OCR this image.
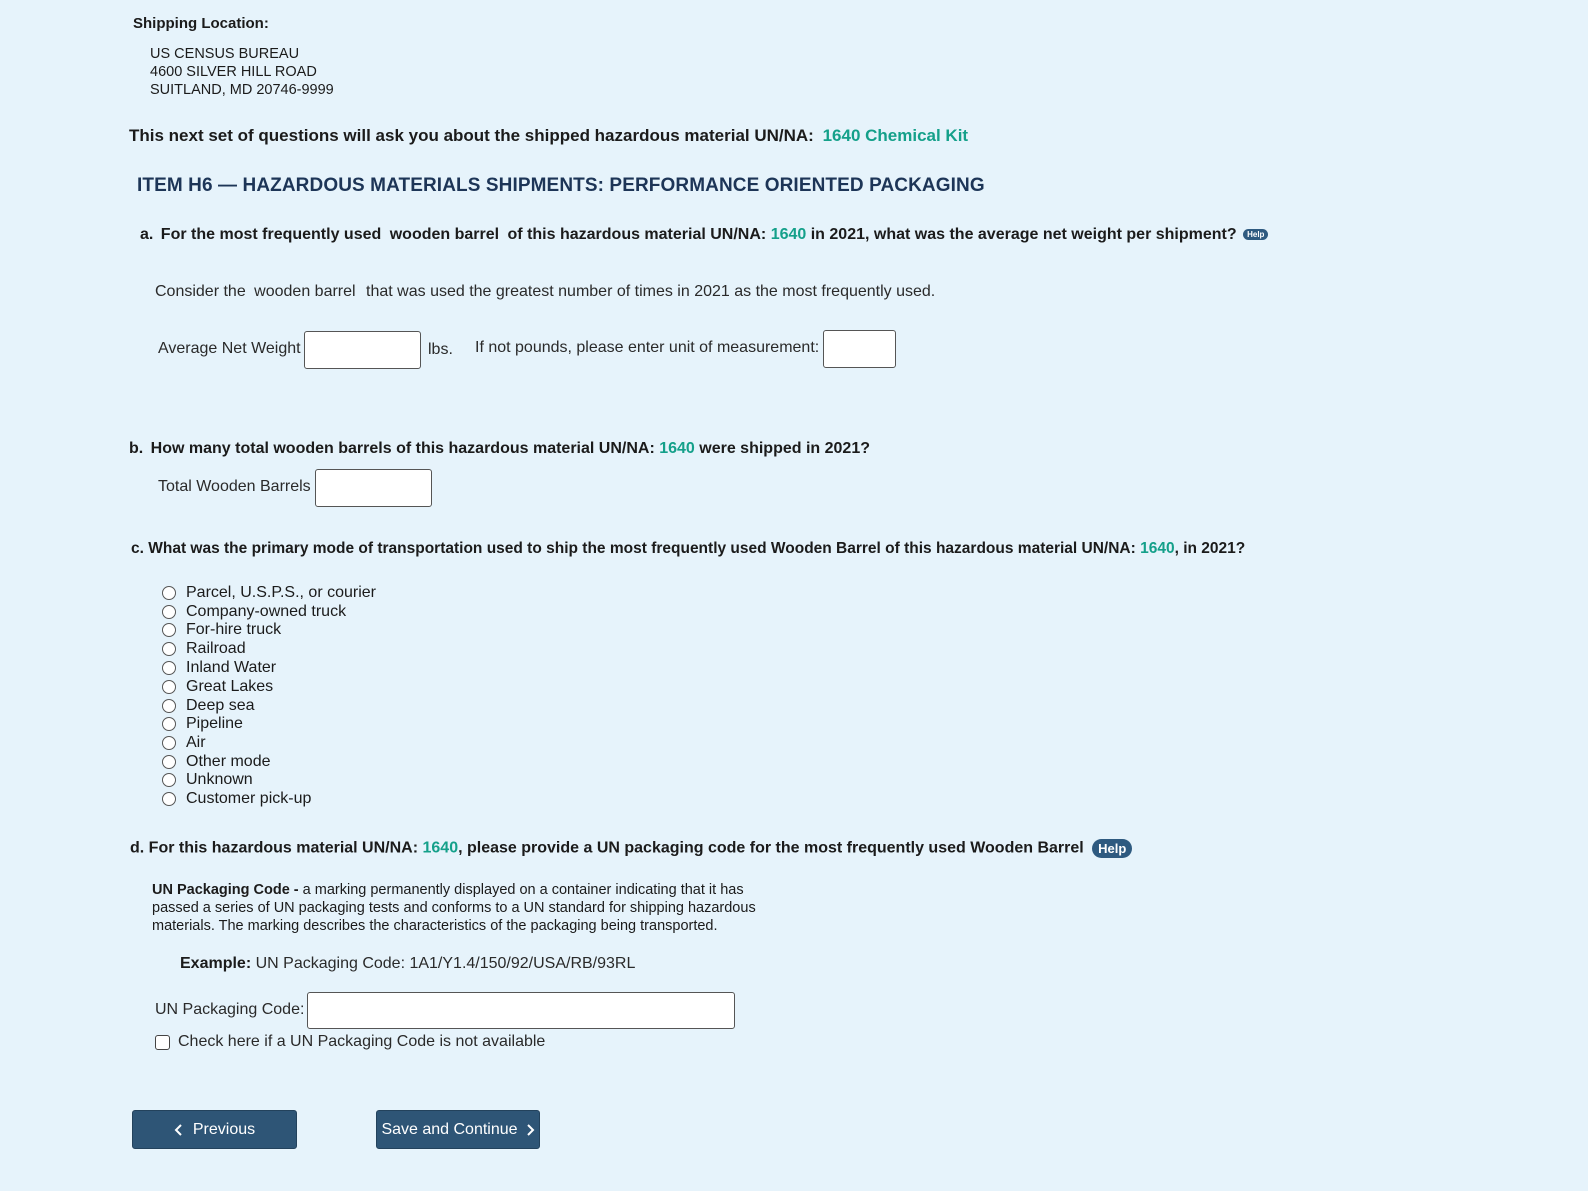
Shipping Location:
US CENSUS BUREAU
4600 SILVER HILL ROAD
SUITLAND, MD 20746-9999
This next set of questions will ask you about the shipped hazardous material UN/NA: 1640 Chemical Kit
ITEM H6 — HAZARDOUS MATERIALS SHIPMENTS: PERFORMANCE ORIENTED PACKAGING
a. For the most frequently used wooden barrel of this hazardous material UN/NA: 1640 in 2021, what was the average net weight per shipment? Help
Consider the wooden barrel that was used the greatest number of times in 2021 as the most frequently used.
Average Net Weight	lbs. If not pounds, please enter unit of measurement:
b. How many total wooden barrels of this hazardous material UN/NA: 1640 were shipped in 2021?
Total Wooden Barrels
c. What was the primary mode of transportation used to ship the most frequently used Wooden Barrel of this hazardous material UN/NA: 1640, in 2021?
Parcel, U.S.P.S., or courier
Company-owned truck
For-hire truck
Railroad
Inland Water
Great Lakes
Deep sea
Pipeline
Air
Other mode
Unknown
Customer pick-up
d. For this hazardous material UN/NA: 1640, please provide a UN packaging code for the most frequently used Wooden Barrel Help
UN Packaging Code - a marking permanently displayed on a container indicating that it has
passed a series of UN packaging tests and conforms to a UN standard for shipping hazardous
materials. The marking describes the characteristics of the packaging being transported.
Example: UN Packaging Code: 1A1/Y1.4/150/92/USA/RB/93RL
UN Packaging Code:
Check here if a UN Packaging Code is not available
Previous	Save and Continue
